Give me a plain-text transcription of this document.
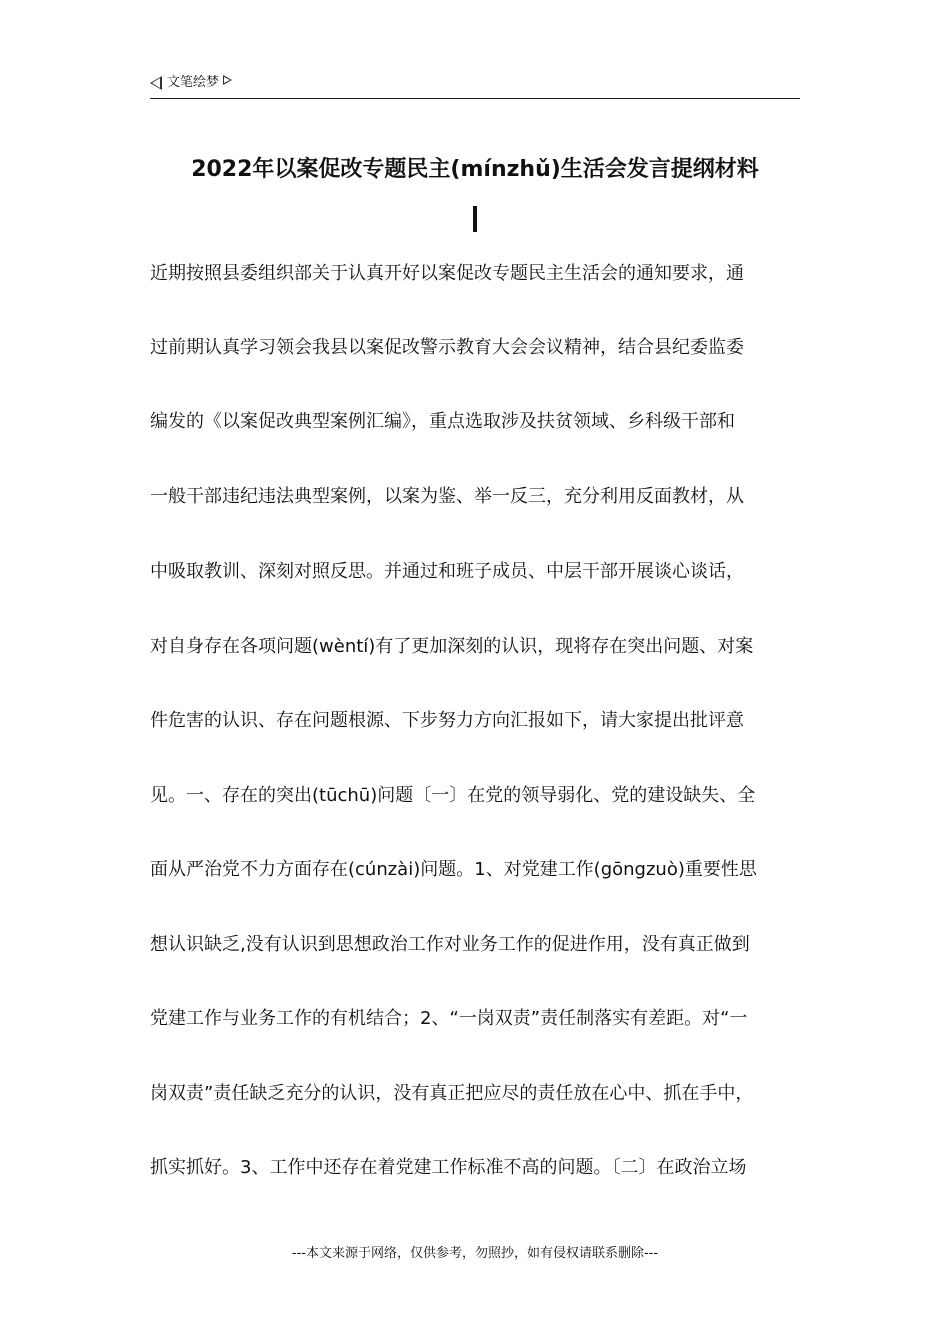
文笔绘梦
2022年以案促改专题民主(mínzhǔ)生活会发言提纲材料
近期按照县委组织部关于认真开好以案促改专题民主生活会的通知要求，通
过前期认真学习领会我县以案促改警示教育大会会议精神，结合县纪委监委
编发的《以案促改典型案例汇编》，重点选取涉及扶贫领域、乡科级干部和
一般干部违纪违法典型案例，以案为鉴、举一反三，充分利用反面教材，从
中吸取教训、深刻对照反思。并通过和班子成员、中层干部开展谈心谈话，
对自身存在各项问题(wèntí)有了更加深刻的认识，现将存在突出问题、对案
件危害的认识、存在问题根源、下步努力方向汇报如下，请大家提出批评意
见。一、存在的突出(tūchū)问题〔一〕在党的领导弱化、党的建设缺失、全
面从严治党不力方面存在(cúnzài)问题。1、对党建工作(gōngzuò)重要性思
想认识缺乏,没有认识到思想政治工作对业务工作的促进作用，没有真正做到
党建工作与业务工作的有机结合；2、“一岗双责”责任制落实有差距。对“一
岗双责”责任缺乏充分的认识，没有真正把应尽的责任放在心中、抓在手中，
抓实抓好。3、工作中还存在着党建工作标准不高的问题。〔二〕在政治立场
---本文来源于网络，仅供参考，勿照抄，如有侵权请联系删除---
